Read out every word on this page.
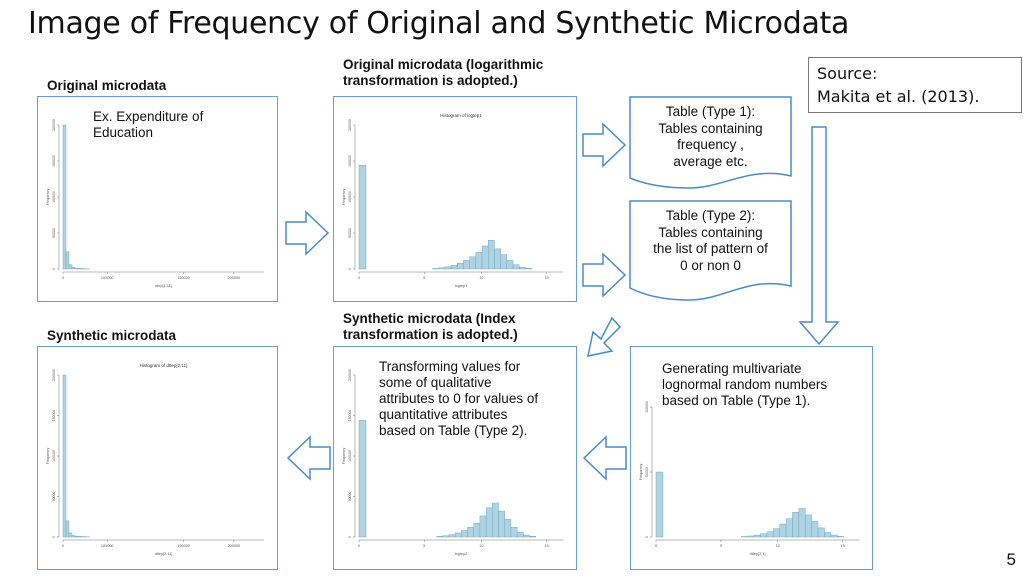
Image of Frequency of Original and Synthetic Microdata
Source:
Makita et al. (2013).
Original microdata
Original microdata (logarithmic
transformation is adopted.)
Synthetic microdata
Synthetic microdata (Index
transformation is adopted.)
0
50000
100000
150000
200000
Frequency
0	100000	150000	200000
dtep[1,11]
Ex. Expenditure of
Education
Histogram of logtep1
0
50000
100000
150000
200000
Frequency
0	5	10	15
logtep1
Histogram of dttep[2,11]
0
50000
100000
150000
200000
Frequency
0	100000	150000	200000
dttep[2,11]
0
50000
100000
150000
200000
Frequency
0	5	10	15
logtep2
Transforming values for
some of qualitative
attributes to 0 for values of
quantitative attributes
based on Table (Type 2).
0
50000
100000
Frequency
0	5	10	15
dttep[2,1]
Generating multivariate
lognormal random numbers
based on Table (Type 1).
Table (Type 1):
Tables containing
frequency ,
average etc.
Table (Type 2):
Tables containing
the list of pattern of
0 or non 0
5
